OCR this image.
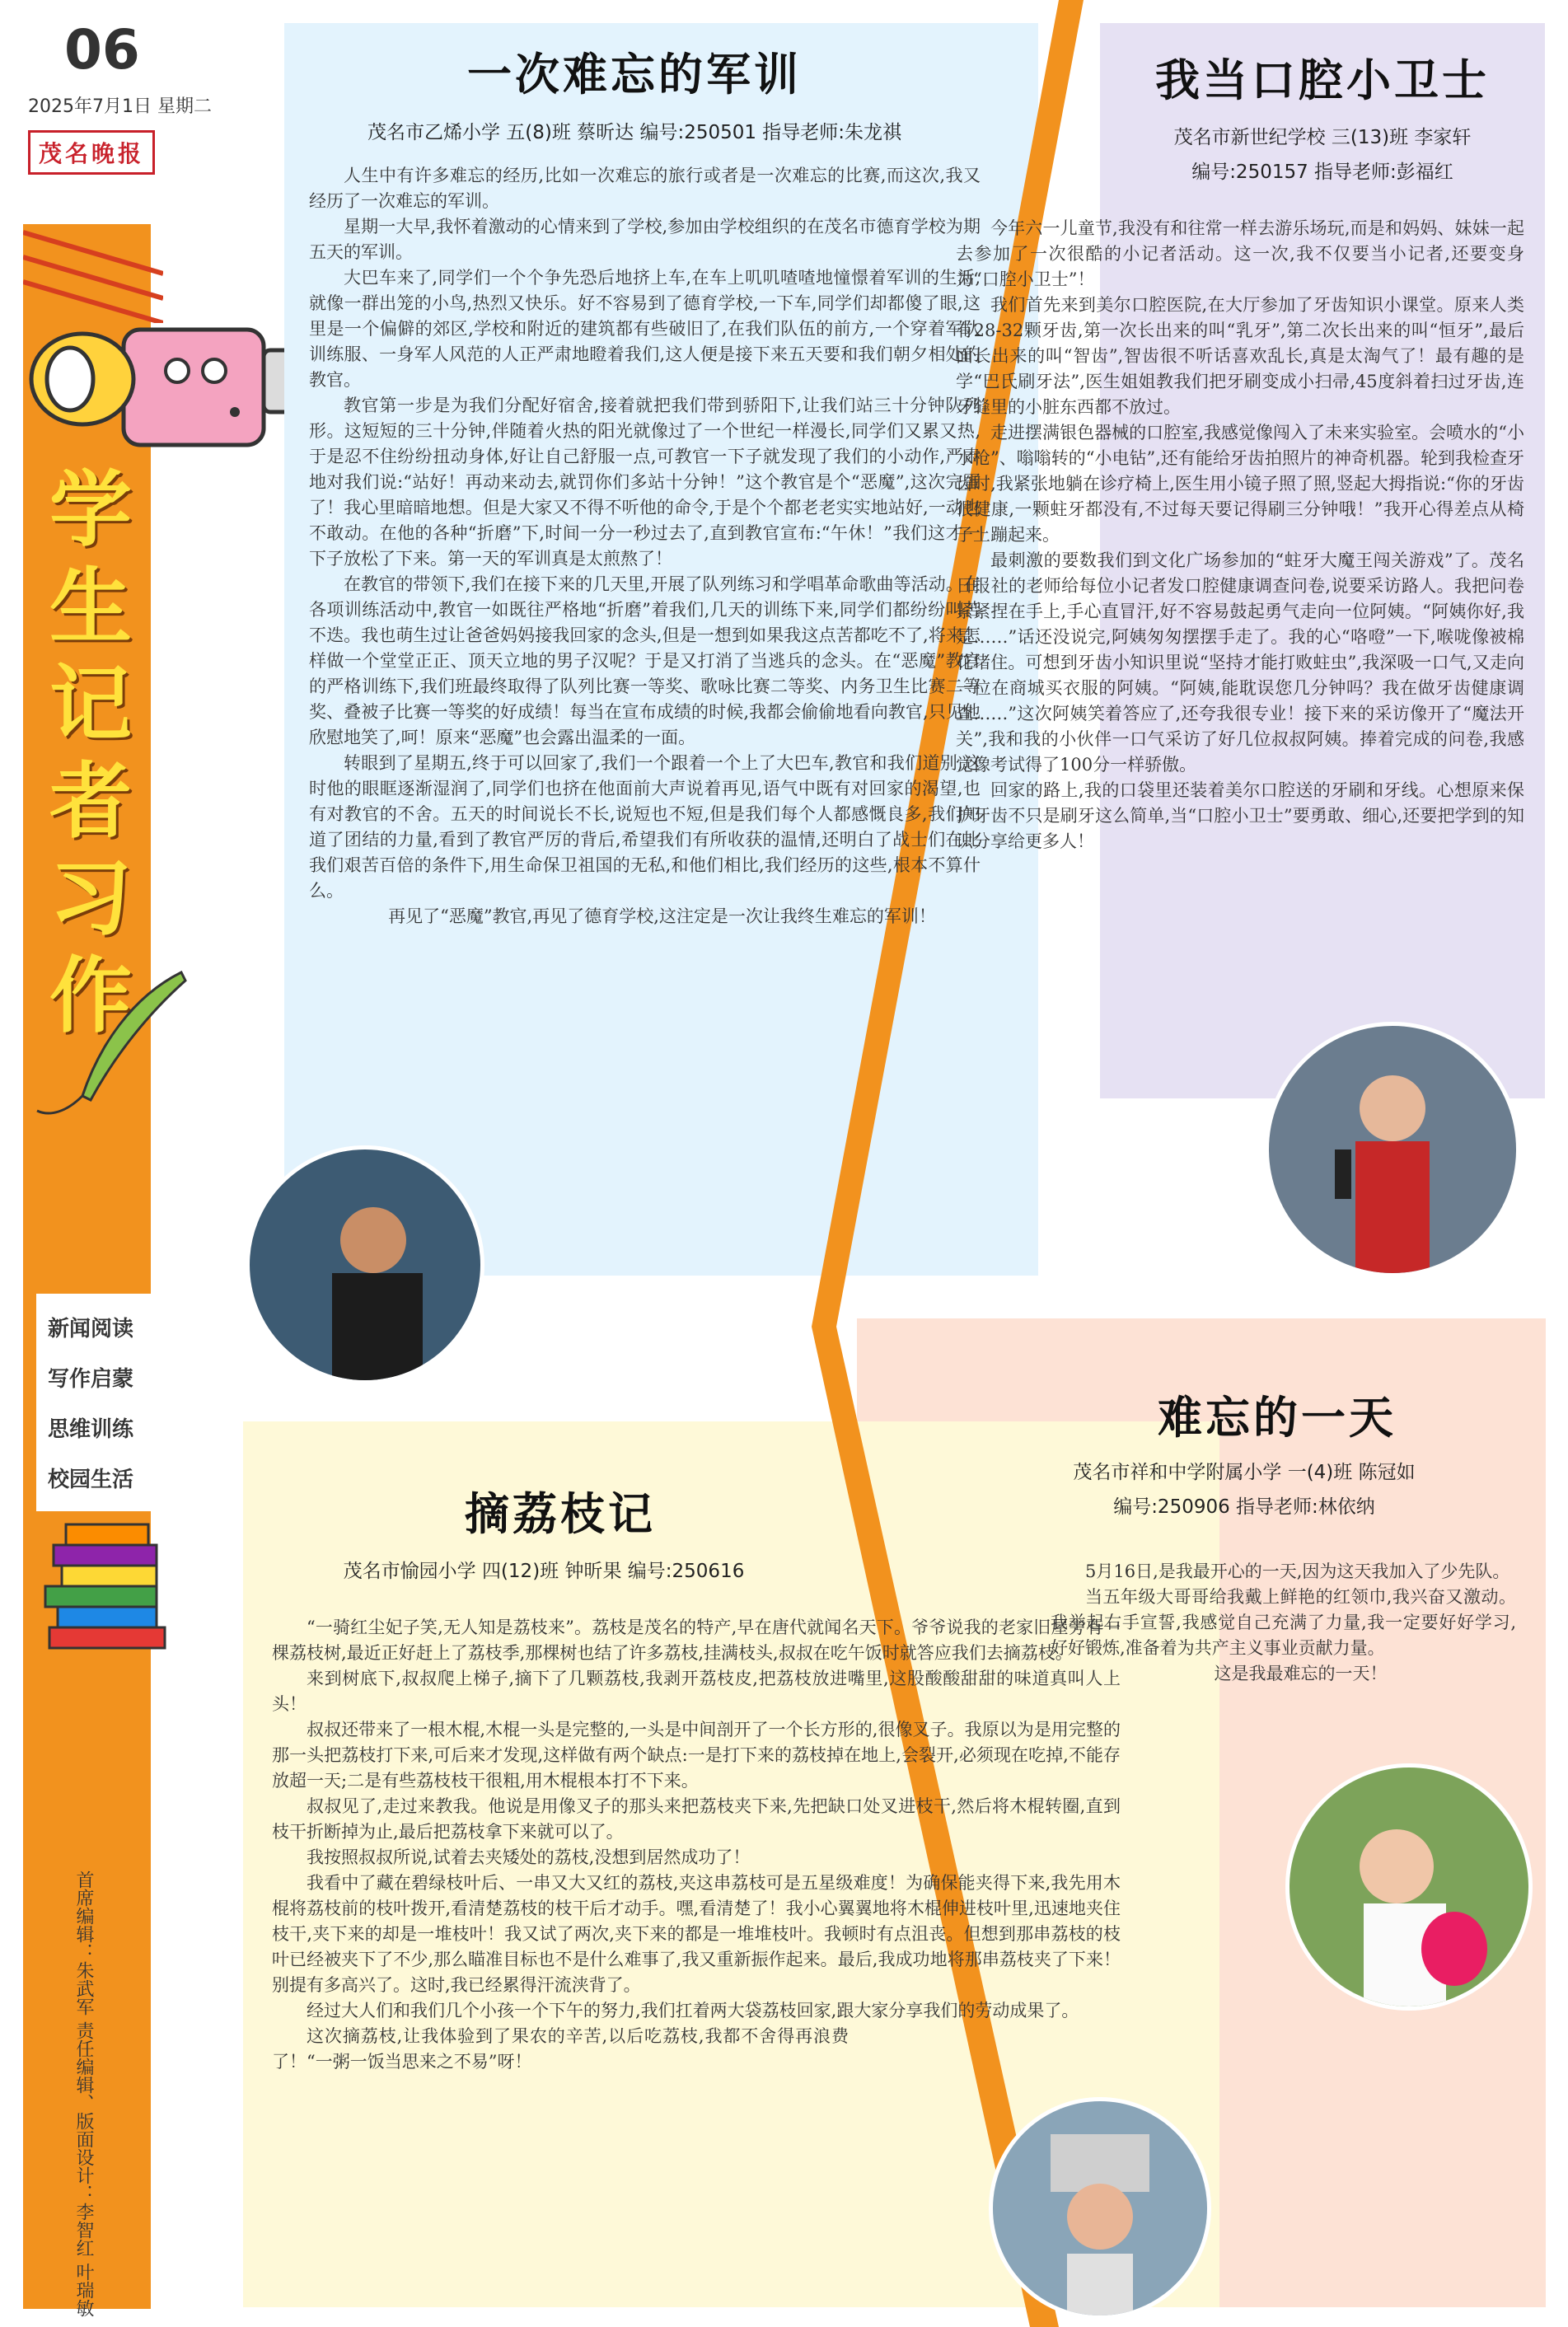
06
2025年7月1日 星期二
茂名晚报
学生记者习作
新闻阅读
写作启蒙
思维训练
校园生活
首席编辑：朱武军 责任编辑、版面设计：李智红 叶瑞敏
一次难忘的军训
茂名市乙烯小学 五(8)班 蔡昕达 编号:250501 指导老师:朱龙祺

人生中有许多难忘的经历,比如一次难忘的旅行或者是一次难忘的比赛,而这次,我又经历了一次难忘的军训。

星期一大早,我怀着激动的心情来到了学校,参加由学校组织的在茂名市德育学校为期五天的军训。

大巴车来了,同学们一个个争先恐后地挤上车,在车上叽叽喳喳地憧憬着军训的生活,就像一群出笼的小鸟,热烈又快乐。好不容易到了德育学校,一下车,同学们却都傻了眼,这里是一个偏僻的郊区,学校和附近的建筑都有些破旧了,在我们队伍的前方,一个穿着军队训练服、一身军人风范的人正严肃地瞪着我们,这人便是接下来五天要和我们朝夕相处的教官。

教官第一步是为我们分配好宿舍,接着就把我们带到骄阳下,让我们站三十分钟队列形。这短短的三十分钟,伴随着火热的阳光就像过了一个世纪一样漫长,同学们又累又热,于是忍不住纷纷扭动身体,好让自己舒服一点,可教官一下子就发现了我们的小动作,严肃地对我们说:“站好！再动来动去,就罚你们多站十分钟！”这个教官是个“恶魔”,这次完蛋了！我心里暗暗地想。但是大家又不得不听他的命令,于是个个都老老实实地站好,一动也不敢动。在他的各种“折磨”下,时间一分一秒过去了,直到教官宣布:“午休！”我们这才一下子放松了下来。第一天的军训真是太煎熬了！

在教官的带领下,我们在接下来的几天里,开展了队列练习和学唱革命歌曲等活动。在各项训练活动中,教官一如既往严格地“折磨”着我们,几天的训练下来,同学们都纷纷叫苦不迭。我也萌生过让爸爸妈妈接我回家的念头,但是一想到如果我这点苦都吃不了,将来怎样做一个堂堂正正、顶天立地的男子汉呢？于是又打消了当逃兵的念头。在“恶魔”教官的严格训练下,我们班最终取得了队列比赛一等奖、歌咏比赛二等奖、内务卫生比赛二等奖、叠被子比赛一等奖的好成绩！每当在宣布成绩的时候,我都会偷偷地看向教官,只见他欣慰地笑了,呵！原来“恶魔”也会露出温柔的一面。

转眼到了星期五,终于可以回家了,我们一个跟着一个上了大巴车,教官和我们道别,这时他的眼眶逐渐湿润了,同学们也挤在他面前大声说着再见,语气中既有对回家的渴望,也有对教官的不舍。五天的时间说长不长,说短也不短,但是我们每个人都感慨良多,我们知道了团结的力量,看到了教官严厉的背后,希望我们有所收获的温情,还明白了战士们在比我们艰苦百倍的条件下,用生命保卫祖国的无私,和他们相比,我们经历的这些,根本不算什么。

再见了“恶魔”教官,再见了德育学校,这注定是一次让我终生难忘的军训！

我当口腔小卫士
茂名市新世纪学校 三(13)班 李家轩
编号:250157 指导老师:彭福红

今年六一儿童节,我没有和往常一样去游乐场玩,而是和妈妈、妹妹一起去参加了一次很酷的小记者活动。这一次,我不仅要当小记者,还要变身为“口腔小卫士”！

我们首先来到美尔口腔医院,在大厅参加了牙齿知识小课堂。原来人类有28-32颗牙齿,第一次长出来的叫“乳牙”,第二次长出来的叫“恒牙”,最后面长出来的叫“智齿”,智齿很不听话喜欢乱长,真是太淘气了！最有趣的是学“巴氏刷牙法”,医生姐姐教我们把牙刷变成小扫帚,45度斜着扫过牙齿,连牙缝里的小脏东西都不放过。

走进摆满银色器械的口腔室,我感觉像闯入了未来实验室。会喷水的“小水枪”、嗡嗡转的“小电钻”,还有能给牙齿拍照片的神奇机器。轮到我检查牙齿时,我紧张地躺在诊疗椅上,医生用小镜子照了照,竖起大拇指说:“你的牙齿很健康,一颗蛀牙都没有,不过每天要记得刷三分钟哦！”我开心得差点从椅子上蹦起来。

最刺激的要数我们到文化广场参加的“蛀牙大魔王闯关游戏”了。茂名日报社的老师给每位小记者发口腔健康调查问卷,说要采访路人。我把问卷紧紧捏在手上,手心直冒汗,好不容易鼓起勇气走向一位阿姨。“阿姨你好,我是……”话还没说完,阿姨匆匆摆摆手走了。我的心“咯噔”一下,喉咙像被棉花堵住。可想到牙齿小知识里说“坚持才能打败蛀虫”,我深吸一口气,又走向一位在商城买衣服的阿姨。“阿姨,能耽误您几分钟吗？我在做牙齿健康调查……”这次阿姨笑着答应了,还夸我很专业！接下来的采访像开了“魔法开关”,我和我的小伙伴一口气采访了好几位叔叔阿姨。捧着完成的问卷,我感觉像考试得了100分一样骄傲。

回家的路上,我的口袋里还装着美尔口腔送的牙刷和牙线。心想原来保护牙齿不只是刷牙这么简单,当“口腔小卫士”要勇敢、细心,还要把学到的知识分享给更多人！

难忘的一天
茂名市祥和中学附属小学 一(4)班 陈冠如
编号:250906 指导老师:林依纳

5月16日,是我最开心的一天,因为这天我加入了少先队。

当五年级大哥哥给我戴上鲜艳的红领巾,我兴奋又激动。我举起右手宣誓,我感觉自己充满了力量,我一定要好好学习,好好锻炼,准备着为共产主义事业贡献力量。

这是我最难忘的一天！

摘荔枝记
茂名市愉园小学 四(12)班 钟昕果 编号:250616

“一骑红尘妃子笑,无人知是荔枝来”。荔枝是茂名的特产,早在唐代就闻名天下。爷爷说我的老家旧屋旁有一棵荔枝树,最近正好赶上了荔枝季,那棵树也结了许多荔枝,挂满枝头,叔叔在吃午饭时就答应我们去摘荔枝。

来到树底下,叔叔爬上梯子,摘下了几颗荔枝,我剥开荔枝皮,把荔枝放进嘴里,这股酸酸甜甜的味道真叫人上头！

叔叔还带来了一根木棍,木棍一头是完整的,一头是中间剖开了一个长方形的,很像叉子。我原以为是用完整的那一头把荔枝打下来,可后来才发现,这样做有两个缺点:一是打下来的荔枝掉在地上,会裂开,必须现在吃掉,不能存放超一天;二是有些荔枝枝干很粗,用木棍根本打不下来。

叔叔见了,走过来教我。他说是用像叉子的那头来把荔枝夹下来,先把缺口处叉进枝干,然后将木棍转圈,直到枝干折断掉为止,最后把荔枝拿下来就可以了。

我按照叔叔所说,试着去夹矮处的荔枝,没想到居然成功了！

我看中了藏在碧绿枝叶后、一串又大又红的荔枝,夹这串荔枝可是五星级难度！为确保能夹得下来,我先用木棍将荔枝前的枝叶拨开,看清楚荔枝的枝干后才动手。嘿,看清楚了！我小心翼翼地将木棍伸进枝叶里,迅速地夹住枝干,夹下来的却是一堆枝叶！我又试了两次,夹下来的都是一堆堆枝叶。我顿时有点沮丧。但想到那串荔枝的枝叶已经被夹下了不少,那么瞄准目标也不是什么难事了,我又重新振作起来。最后,我成功地将那串荔枝夹了下来！别提有多高兴了。这时,我已经累得汗流浃背了。

经过大人们和我们几个小孩一个下午的努力,我们扛着两大袋荔枝回家,跟大家分享我们的劳动成果了。

这次摘荔枝,让我体验到了果农的辛苦,以后吃荔枝,我都不舍得再浪费了！“一粥一饭当思来之不易”呀！
